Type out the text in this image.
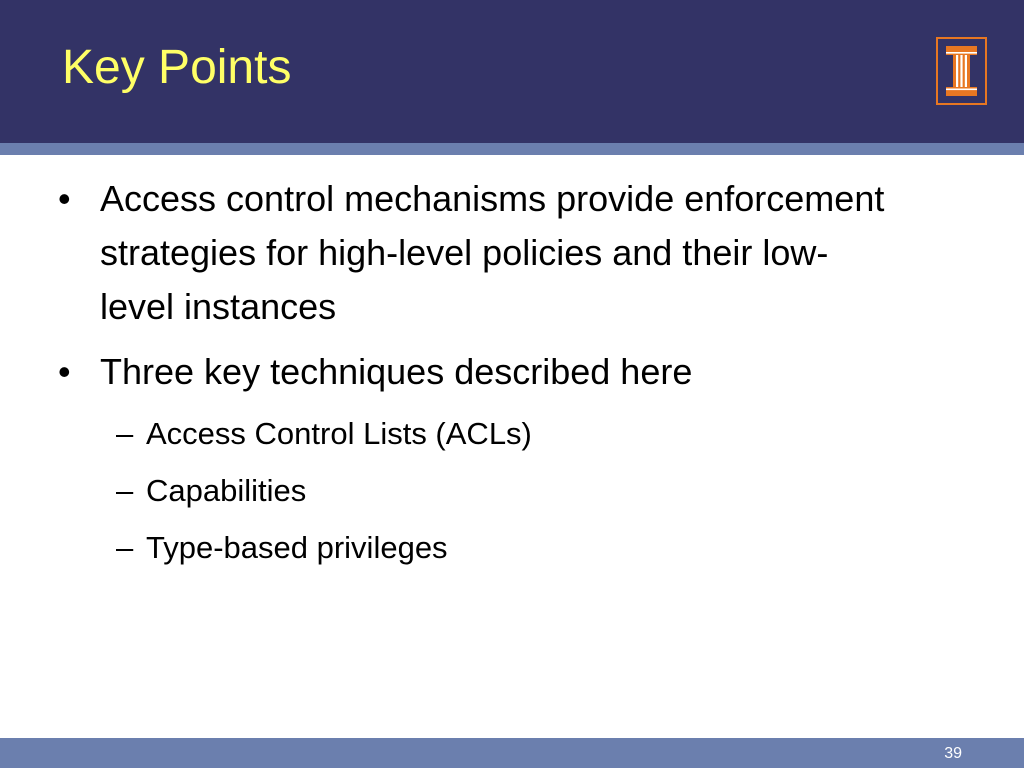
Key Points
• Access control mechanisms provide enforcement strategies for high-level policies and their low-level instances
• Three key techniques described here
– Access Control Lists (ACLs)
– Capabilities
– Type-based privileges
39
